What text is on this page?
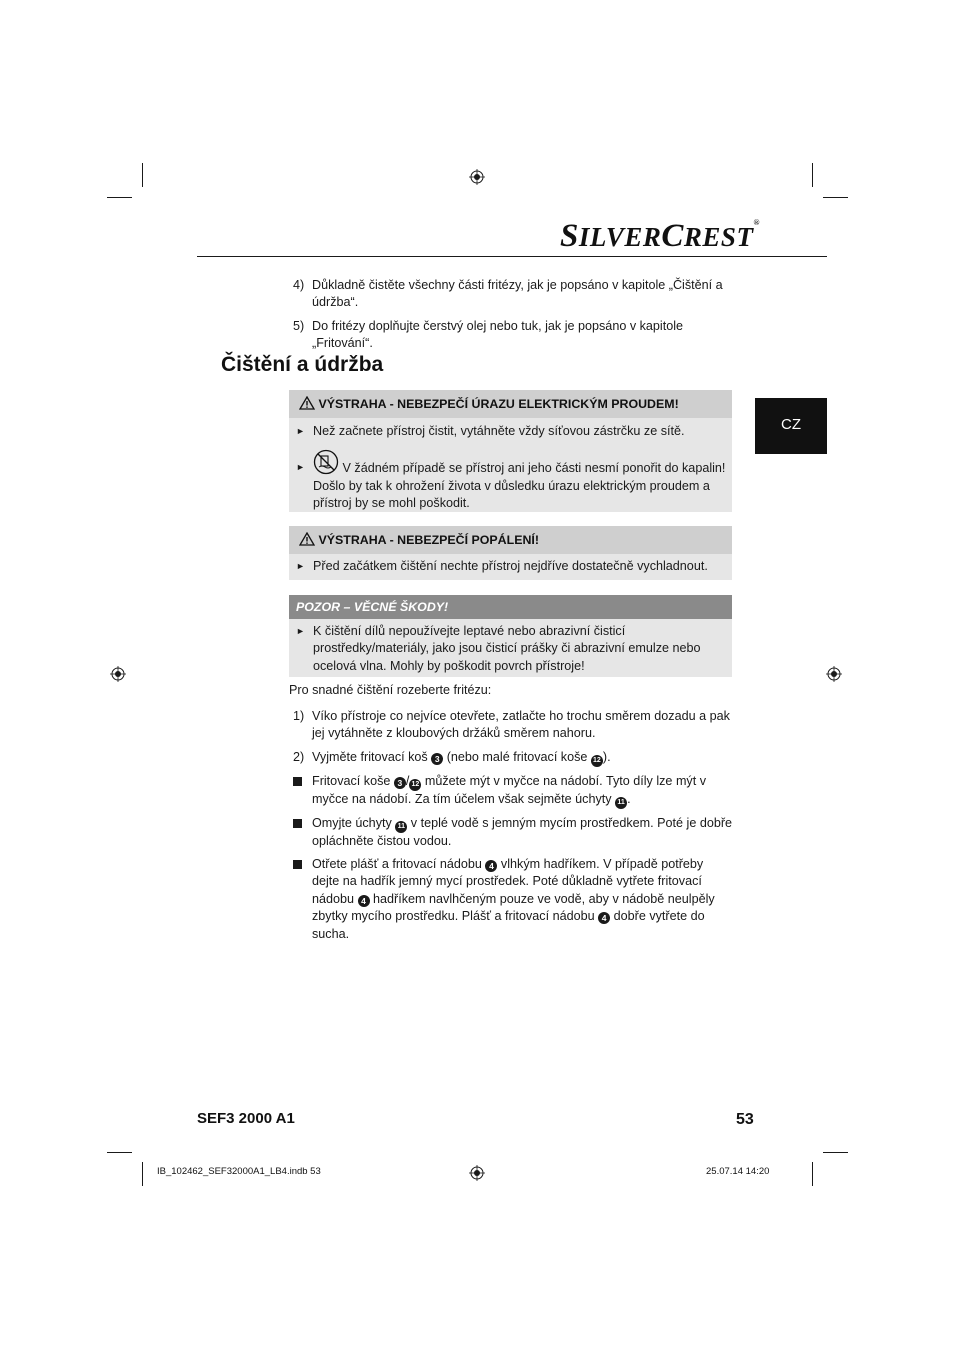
SILVERCREST®
4) Důkladně čistěte všechny části fritézy, jak je popsáno v kapitole „Čištění a údržba“.
5) Do fritézy doplňujte čerstvý olej nebo tuk, jak je popsáno v kapitole „Fritování“.
Čištění a údržba
CZ
VÝSTRAHA - NEBEZPEČÍ ÚRAZU ELEKTRICKÝM PROUDEM!
► Než začnete přístroj čistit, vytáhněte vždy síťovou zástrčku ze sítě.
►	V žádném případě se přístroj ani jeho části nesmí ponořit do kapalin! Došlo by tak k ohrožení života v důsledku úrazu elektrickým proudem a přístroj by se mohl poškodit.
VÝSTRAHA - NEBEZPEČÍ POPÁLENÍ!
► Před začátkem čištění nechte přístroj nejdříve dostatečně vychladnout.
POZOR – VĚCNÉ ŠKODY!
► K čištění dílů nepoužívejte leptavé nebo abrazivní čisticí prostředky/materiály, jako jsou čisticí prášky či abrazivní emulze nebo ocelová vlna. Mohly by poškodit povrch přístroje!
Pro snadné čištění rozeberte fritézu:
1) Víko přístroje co nejvíce otevřete, zatlačte ho trochu směrem dozadu a pak jej vytáhněte z kloubových držáků směrem nahoru.
2) Vyjměte fritovací koš 3 (nebo malé fritovací koše 12 ).
Fritovací koše 3 / 12 můžete mýt v myčce na nádobí. Tyto díly lze mýt v myčce na nádobí. Za tím účelem však sejměte úchyty 11 .
Omyjte úchyty 11 v teplé vodě s jemným mycím prostředkem. Poté je dobře opláchněte čistou vodou.
Otřete plášť a fritovací nádobu 4 vlhkým hadříkem. V případě potřeby dejte na hadřík jemný mycí prostředek. Poté důkladně vytřete fritovací nádobu 4 hadříkem navlhčeným pouze ve vodě, aby v nádobě neulpěly zbytky mycího prostředku. Plášť a fritovací nádobu 4 dobře vytřete do sucha.
SEF3 2000 A1	53
IB_102462_SEF32000A1_LB4.indb 53	25.07.14 14:20
